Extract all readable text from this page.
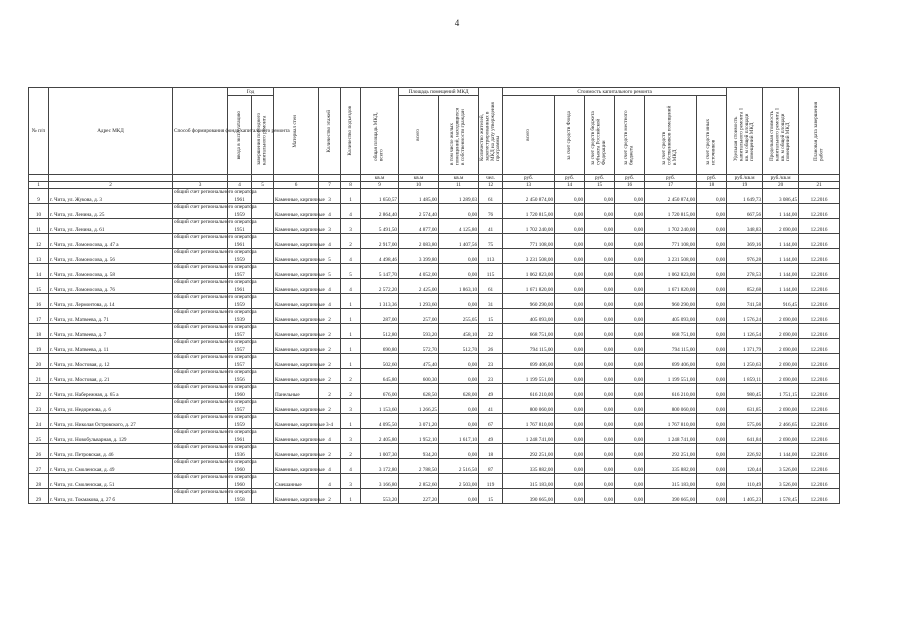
4
№ п/п	Адрес МКД	Способ формирования фонда капитального ремонта	Год		Материал стен	Количество этажей	Количество подъездов	общая площадь МКД, всего	Площадь помещений МКД		Количество жителей, зарегистрированных в МКД на дату утверждения программы	Стоимость капитального ремонта						Удельная стоимость капитального ремонта 1 кв. м общей площади помещений МКД	Предельная стоимость капитального ремонта 1 кв. м общей площади помещений МКД	Плановая дата завершения работ

			ввода в эксплуатацию	завершения последнего капитального ремонта					всего	в том числе жилых помещений, находящихся в собственности граждан		всего	за счет средств Фонда	за счет средств бюджета субъекта Российской Федерации	за счет средств местного бюджета	за счет средств собственников помещений в МКД	за счет средств иных источников			

								кв.м	кв.м	кв.м	чел.	руб.	руб.	руб.	руб.	руб.	руб.	руб./кв.м	руб./кв.м	
1	2	3	4	5	6	7	8	9	10	11	12	13	14	15	16	17	18	19	20	21
9	г. Чита, ул. Жукова, д. 3	общий счет регионального оператора	1961		Каменные, кирпичные	3	1	1 650,57	1 485,00	1 289,03	61	2 450 874,00	0,00	0,00	0,00	2 450 874,00	0,00	1 649,73	3 086,45	12.2016
10	г. Чита, ул. Ленина, д. 25	общий счет регионального оператора	1959		Каменные, кирпичные	4	4	2 864,40	2 574,40	0,00	76	1 720 815,00	0,00	0,00	0,00	1 720 815,00	0,00	667,56	1 144,00	12.2016
11	г. Чита, ул. Ленина, д. 61	общий счет регионального оператора	1951		Каменные, кирпичные	3	3	5 491,50	4 877,00	4 125,80	41	1 702 240,00	0,00	0,00	0,00	1 702 240,00	0,00	348,83	2 690,00	12.2016
12	г. Чита, ул. Ломоносова, д. 47 а	общий счет регионального оператора	1961		Каменные, кирпичные	4	2	2 917,00	2 083,80	1 407,56	75	771 108,00	0,00	0,00	0,00	771 108,00	0,00	369,16	1 144,00	12.2016
13	г. Чита, ул. Ломоносова, д. 56	общий счет регионального оператора	1959		Каменные, кирпичные	5	4	4 498,46	3 399,80	0,00	113	3 231 508,00	0,00	0,00	0,00	3 231 508,00	0,00	976,28	1 144,00	12.2016
14	г. Чита, ул. Ломоносова, д. 58	общий счет регионального оператора	1957		Каменные, кирпичные	5	5	5 147,70	4 052,00	0,00	115	1 062 823,00	0,00	0,00	0,00	1 062 823,00	0,00	278,53	1 144,00	12.2016
15	г. Чита, ул. Ломоносова, д. 76	общий счет регионального оператора	1961		Каменные, кирпичные	4	4	2 572,20	2 425,00	1 863,10	61	1 671 820,00	0,00	0,00	0,00	1 671 820,00	0,00	852,68	1 144,00	12.2016
16	г. Чита, ул. Лермонтова, д. 14	общий счет регионального оператора	1959		Каменные, кирпичные	4	1	1 313,36	1 293,60	0,00	31	960 290,00	0,00	0,00	0,00	960 290,00	0,00	741,58	916,45	12.2016
17	г. Чита, ул. Матвеева, д. 71	общий счет регионального оператора	1939		Каменные, кирпичные	2	1	287,00	257,00	255,05	15	405 093,00	0,00	0,00	0,00	405 093,00	0,00	1 576,24	2 690,00	12.2016
18	г. Чита, ул. Матвеева, д. 7	общий счет регионального оператора	1957		Каменные, кирпичные	2	1	512,80	593,20	458,10	22	668 751,00	0,00	0,00	0,00	668 751,00	0,00	1 126,54	2 690,00	12.2016
19	г. Чита, ул. Матвеева, д. 11	общий счет регионального оператора	1957		Каменные, кирпичные	2	1	690,80	572,70	512,70	26	794 115,00	0,00	0,00	0,00	794 115,00	0,00	1 371,79	2 690,00	12.2016
20	г. Чита, ул. Мостовая, д. 12	общий счет регионального оператора	1957		Каменные, кирпичные	2	1	502,60	475,40	0,00	23	699 406,00	0,00	0,00	0,00	699 406,00	0,00	1 250,63	2 690,00	12.2016
21	г. Чита, ул. Мостовая, д. 21	общий счет регионального оператора	1956		Каменные, кирпичные	2	2	645,80	600,30	0,00	23	1 199 551,00	0,00	0,00	0,00	1 199 551,00	0,00	1 859,11	2 690,00	12.2016
22	г. Чита, ул. Набережная, д. 65 а	общий счет регионального оператора	1960		Панельные	2	2	676,00	628,50	628,00	49	616 210,00	0,00	0,00	0,00	616 210,00	0,00	980,45	1 751,15	12.2016
23	г. Чита, ул. Недорезова, д. 6	общий счет регионального оператора	1957		Каменные, кирпичные	2	3	1 153,60	1 266,25	0,00	41	800 060,00	0,00	0,00	0,00	800 060,00	0,00	631,85	2 690,00	12.2016
24	г. Чита, ул. Николая Островского, д. 27	общий счет регионального оператора	1959		Каменные, кирпичные	3-4	1	4 095,50	3 071,20	0,00	67	1 767 810,00	0,00	0,00	0,00	1 767 810,00	0,00	575,06	2 466,65	12.2016
25	г. Чита, ул. Новобульварная, д. 129	общий счет регионального оператора	1961		Каменные, кирпичные	4	3	2 405,80	1 952,10	1 617,10	49	1 248 741,00	0,00	0,00	0,00	1 248 741,00	0,00	641,84	2 690,00	12.2016
26	г. Чита, ул. Петровская, д. 46	общий счет регионального оператора	1936		Каменные, кирпичные	2	2	1 007,30	934,20	0,00	18	292 251,00	0,00	0,00	0,00	292 251,00	0,00	226,92	1 144,00	12.2016
27	г. Чита, ул. Смоленская, д. 49	общий счет регионального оператора	1960		Каменные, кирпичные	4	4	3 172,80	2 788,50	2 516,50	87	335 882,00	0,00	0,00	0,00	335 882,00	0,00	120,44	3 526,00	12.2016
28	г. Чита, ул. Смоленская, д. 51	общий счет регионального оператора	1960		Смешанные	4	3	3 166,80	2 852,60	2 503,00	119	315 183,00	0,00	0,00	0,00	315 183,00	0,00	110,49	3 526,00	12.2016
29	г. Чита, ул. Токмакова, д. 27 б	общий счет регионального оператора	1958		Каменные, кирпичные	2	1	553,20	227,20	0,00	15	390 665,00	0,00	0,00	0,00	390 665,00	0,00	1 405,23	1 578,45	12.2016
